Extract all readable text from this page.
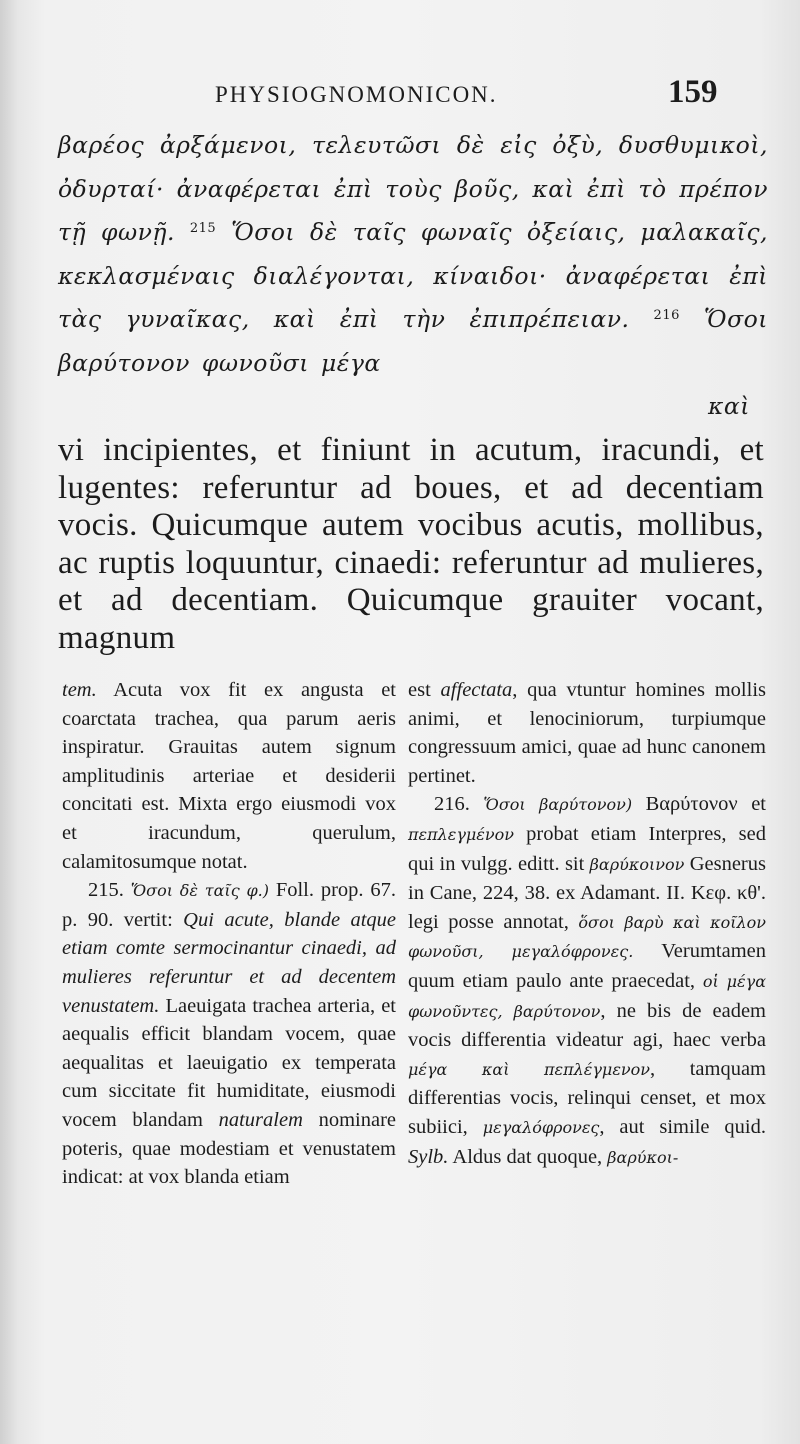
PHYSIOGNOMONICON.	159
βαρέος ἀρξάμενοι, τελευτῶσι δὲ εἰς ὀξὺ, δυσθυμικοὶ, ὀδυρταί· ἀναφέρεται ἐπὶ τοὺς βοῦς, καὶ ἐπὶ τὸ πρέπον τῇ φωνῇ. $^{215}$ Ὅσοι δὲ ταῖς φωναῖς ὀξείαις, μαλακαῖς, κεκλασμέναις διαλέγονται, κίναιδοι· ἀναφέρεται ἐπὶ τὰς γυναῖκας, καὶ ἐπὶ τὴν ἐπιπρέπειαν. $^{216}$ Ὅσοι βαρύτονον φωνοῦσι μέγα
καὶ
vi incipientes, et finiunt in acutum, iracundi, et lugentes: referuntur ad boues, et ad decentiam vocis. Quicumque autem vocibus acutis, mollibus, ac ruptis loquuntur, cinaedi: referuntur ad mulieres, et ad decentiam. Quicumque grauiter vocant, magnum

tem. Acuta vox fit ex angusta et coarctata trachea, qua parum aeris inspiratur. Grauitas autem signum amplitudinis arteriae et desiderii concitati est. Mixta ergo eiusmodi vox et iracundum, querulum, calamitosumque notat.

215. Ὅσοι δὲ ταῖς φ.) Foll. prop. 67. p. 90. vertit: Qui acute, blande atque etiam comte sermocinantur cinaedi, ad mulieres referuntur et ad decentem venustatem. Laeuigata trachea arteria, et aequalis efficit blandam vocem, quae aequalitas et laeuigatio ex temperata cum siccitate fit humiditate, eiusmodi vocem blandam naturalem nominare poteris, quae modestiam et venustatem indicat: at vox blanda etiam

est affectata, qua vtuntur homines mollis animi, et lenociniorum, turpiumque congressuum amici, quae ad hunc canonem pertinet.

216. Ὅσοι βαρύτονον) Βαρύτονον et πεπλεγμένον probat etiam Interpres, sed qui in vulgg. editt. sit βαρύκοινον Gesnerus in Cane, 224, 38. ex Adamant. II. Κεφ. κθ'. legi posse annotat, ὅσοι βαρὺ καὶ κοῖλον φωνοῦσι, μεγαλόφρονες. Verumtamen quum etiam paulo ante praecedat, οἱ μέγα φωνοῦντες, βαρύτονον, ne bis de eadem vocis differentia videatur agi, haec verba μέγα καὶ πεπλέγμενον, tamquam differentias vocis, relinqui censet, et mox subiici, μεγαλόφρονες, aut simile quid. Sylb. Aldus dat quoque, βαρύκοι-
